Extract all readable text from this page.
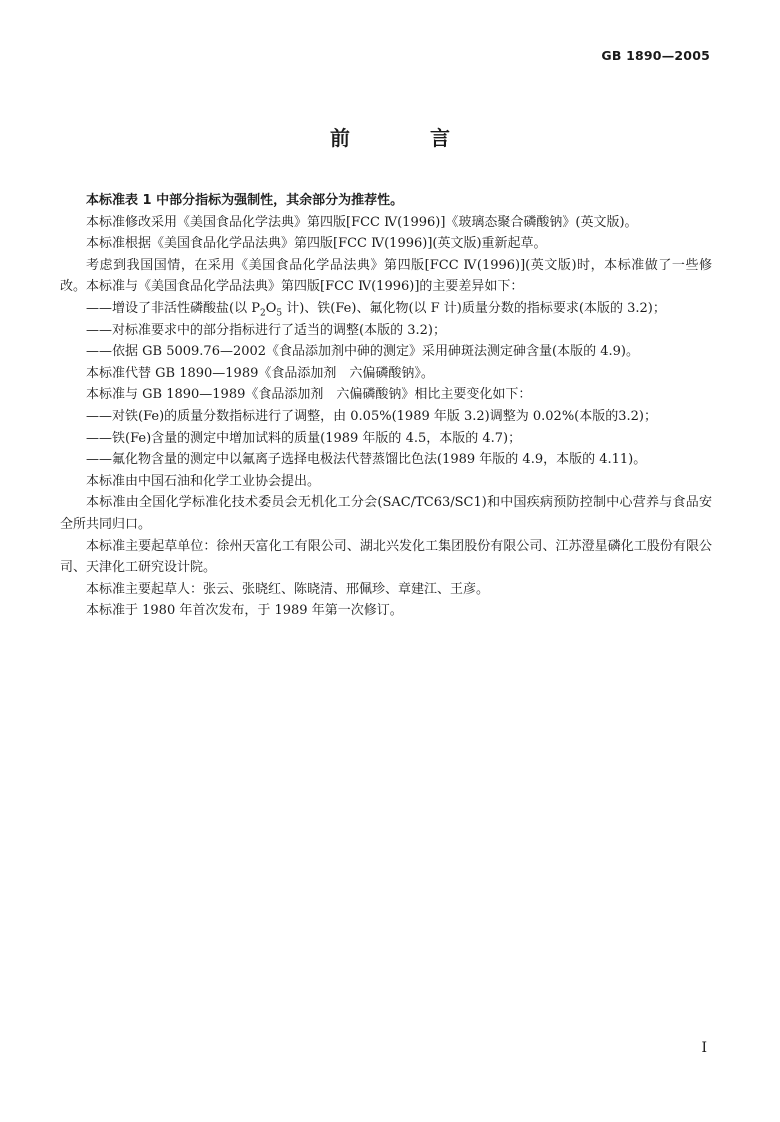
GB 1890—2005
前　言

本标准表 1 中部分指标为强制性，其余部分为推荐性。

本标准修改采用《美国食品化学法典》第四版[FCC Ⅳ(1996)]《玻璃态聚合磷酸钠》(英文版)。

本标准根据《美国食品化学品法典》第四版[FCC Ⅳ(1996)](英文版)重新起草。

考虑到我国国情，在采用《美国食品化学品法典》第四版[FCC Ⅳ(1996)](英文版)时，本标准做了一些修改。本标准与《美国食品化学品法典》第四版[FCC Ⅳ(1996)]的主要差异如下：

——增设了非活性磷酸盐(以 $P_2O_5$ 计)、铁(Fe)、氟化物(以 F 计)质量分数的指标要求(本版的 3.2)；

——对标准要求中的部分指标进行了适当的调整(本版的 3.2)；

——依据 GB 5009.76—2002《食品添加剂中砷的测定》采用砷斑法测定砷含量(本版的 4.9)。

本标准代替 GB 1890—1989《食品添加剂　六偏磷酸钠》。

本标准与 GB 1890—1989《食品添加剂　六偏磷酸钠》相比主要变化如下：

——对铁(Fe)的质量分数指标进行了调整，由 0.05%(1989 年版 3.2)调整为 0.02%(本版的3.2)；

——铁(Fe)含量的测定中增加试料的质量(1989 年版的 4.5，本版的 4.7)；

——氟化物含量的测定中以氟离子选择电极法代替蒸馏比色法(1989 年版的 4.9，本版的 4.11)。

本标准由中国石油和化学工业协会提出。

本标准由全国化学标准化技术委员会无机化工分会(SAC/TC63/SC1)和中国疾病预防控制中心营养与食品安全所共同归口。

本标准主要起草单位：徐州天富化工有限公司、湖北兴发化工集团股份有限公司、江苏澄星磷化工股份有限公司、天津化工研究设计院。

本标准主要起草人：张云、张晓红、陈晓清、邢佩珍、章建江、王彦。

本标准于 1980 年首次发布，于 1989 年第一次修订。

I
